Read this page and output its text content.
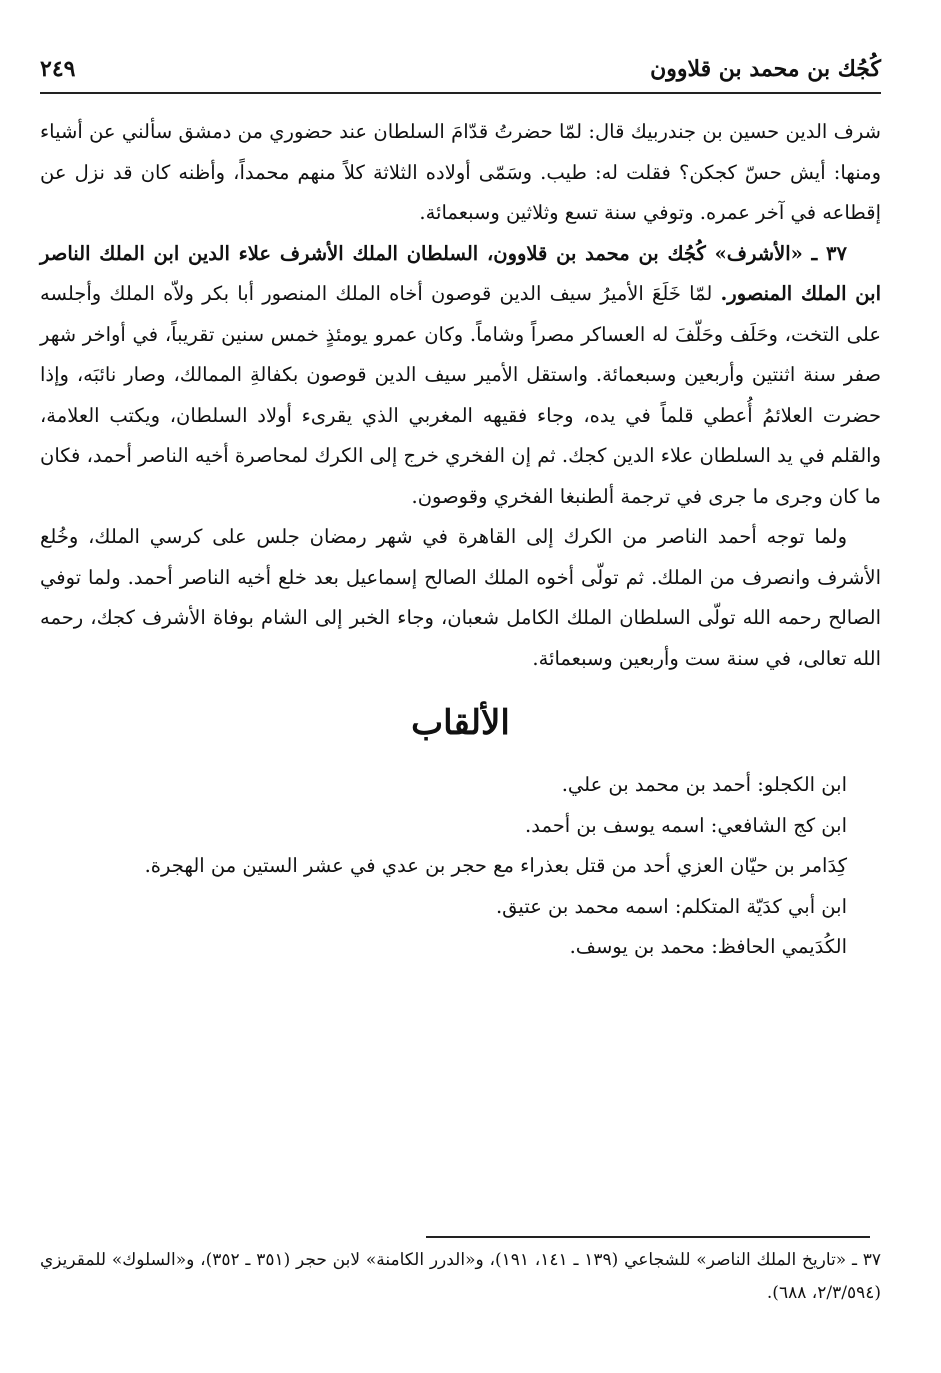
كُجُك بن محمد بن قلاوون
٢٤٩

شرف الدين حسين بن جندربيك قال: لمّا حضرتُ قدّامَ السلطان عند حضوري من دمشق سألني عن أشياء ومنها: أيش حسّ كجكن؟ فقلت له: طيب. وسَمّى أولاده الثلاثة كلاً منهم محمداً، وأظنه كان قد نزل عن إقطاعه في آخر عمره. وتوفي سنة تسع وثلاثين وسبعمائة.

٣٧ ـ «الأشرف» كُجُك بن محمد بن قلاوون، السلطان الملك الأشرف علاء الدين ابن الملك الناصر ابن الملك المنصور. لمّا خَلَعَ الأميرُ سيف الدين قوصون أخاه الملك المنصور أبا بكر ولاّه الملك وأجلسه على التخت، وحَلَف وحَلّفَ له العساكر مصراً وشاماً. وكان عمرو يومئذٍ خمس سنين تقريباً، في أواخر شهر صفر سنة اثنتين وأربعين وسبعمائة. واستقل الأمير سيف الدين قوصون بكفالةِ الممالك، وصار نائبَه، وإذا حضرت العلائمُ أُعطي قلماً في يده، وجاء فقيهه المغربي الذي يقرىء أولاد السلطان، ويكتب العلامة، والقلم في يد السلطان علاء الدين كجك. ثم إن الفخري خرج إلى الكرك لمحاصرة أخيه الناصر أحمد، فكان ما كان وجرى ما جرى في ترجمة ألطنبغا الفخري وقوصون.

ولما توجه أحمد الناصر من الكرك إلى القاهرة في شهر رمضان جلس على كرسي الملك، وخُلع الأشرف وانصرف من الملك. ثم تولّى أخوه الملك الصالح إسماعيل بعد خلع أخيه الناصر أحمد. ولما توفي الصالح رحمه الله تولّى السلطان الملك الكامل شعبان، وجاء الخبر إلى الشام بوفاة الأشرف كجك، رحمه الله تعالى، في سنة ست وأربعين وسبعمائة.

الألقاب

ابن الكجلو: أحمد بن محمد بن علي.

ابن كج الشافعي: اسمه يوسف بن أحمد.

كِدَامر بن حيّان العزي أحد من قتل بعذراء مع حجر بن عدي في عشر الستين من الهجرة.

ابن أبي كدَيّة المتكلم: اسمه محمد بن عتيق.

الكُدَيمي الحافظ: محمد بن يوسف.

٣٧ ـ «تاريخ الملك الناصر» للشجاعي (١٣٩ ـ ١٤١، ١٩١)، و«الدرر الكامنة» لابن حجر (٣٥١ ـ ٣٥٢)، و«السلوك» للمقريزي (٢/٣/٥٩٤، ٦٨٨).
